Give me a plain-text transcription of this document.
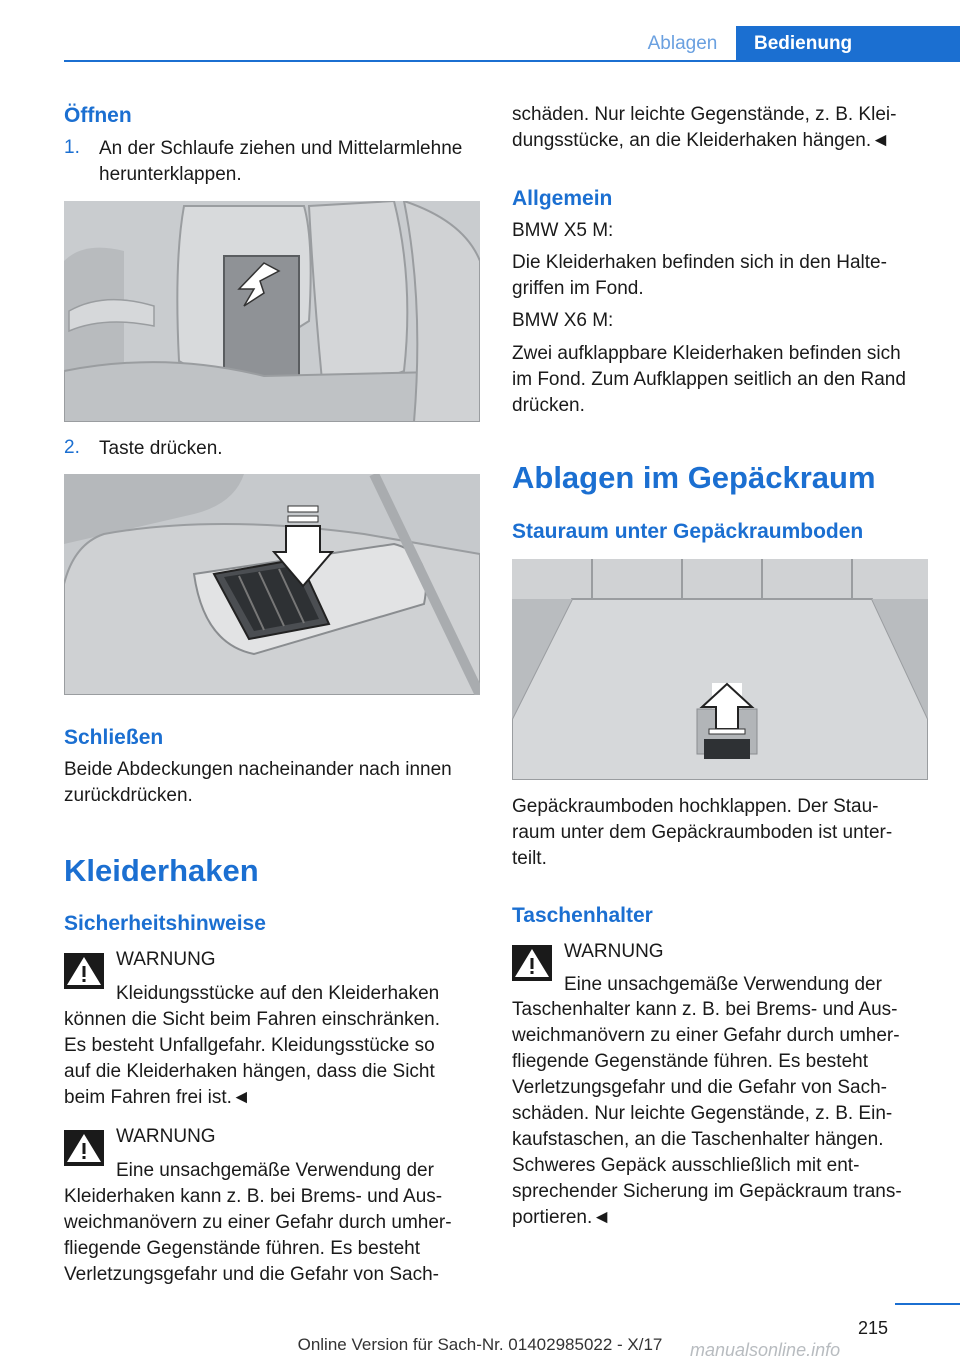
Ablagen	Bedienung
Öffnen
1. An der Schlaufe ziehen und Mittelarmlehne
herunterklappen.
2. Taste drücken.
Schließen
Beide Abdeckungen nacheinander nach innen
zurückdrücken.
Kleiderhaken
Sicherheitshinweise
WARNUNG
Kleidungsstücke auf den Kleiderhaken
können die Sicht beim Fahren einschränken.
Es besteht Unfallgefahr. Kleidungsstücke so
auf die Kleiderhaken hängen, dass die Sicht
beim Fahren frei ist.◄
WARNUNG
Eine unsachgemäße Verwendung der
Kleiderhaken kann z. B. bei Brems- und Aus-
weichmanövern zu einer Gefahr durch umher-
fliegende Gegenstände führen. Es besteht
Verletzungsgefahr und die Gefahr von Sach-
schäden. Nur leichte Gegenstände, z. B. Klei-
dungsstücke, an die Kleiderhaken hängen.◄
Allgemein
BMW X5 M:
Die Kleiderhaken befinden sich in den Halte-
griffen im Fond.
BMW X6 M:
Zwei aufklappbare Kleiderhaken befinden sich
im Fond. Zum Aufklappen seitlich an den Rand
drücken.
Ablagen im Gepäckraum
Stauraum unter Gepäckraumboden
Gepäckraumboden hochklappen. Der Stau-
raum unter dem Gepäckraumboden ist unter-
teilt.
Taschenhalter
WARNUNG
Eine unsachgemäße Verwendung der
Taschenhalter kann z. B. bei Brems- und Aus-
weichmanövern zu einer Gefahr durch umher-
fliegende Gegenstände führen. Es besteht
Verletzungsgefahr und die Gefahr von Sach-
schäden. Nur leichte Gegenstände, z. B. Ein-
kaufstaschen, an die Taschenhalter hängen.
Schweres Gepäck ausschließlich mit ent-
sprechender Sicherung im Gepäckraum trans-
portieren.◄
215
Online Version für Sach-Nr. 01402985022 - X/17	manualsonline.info
